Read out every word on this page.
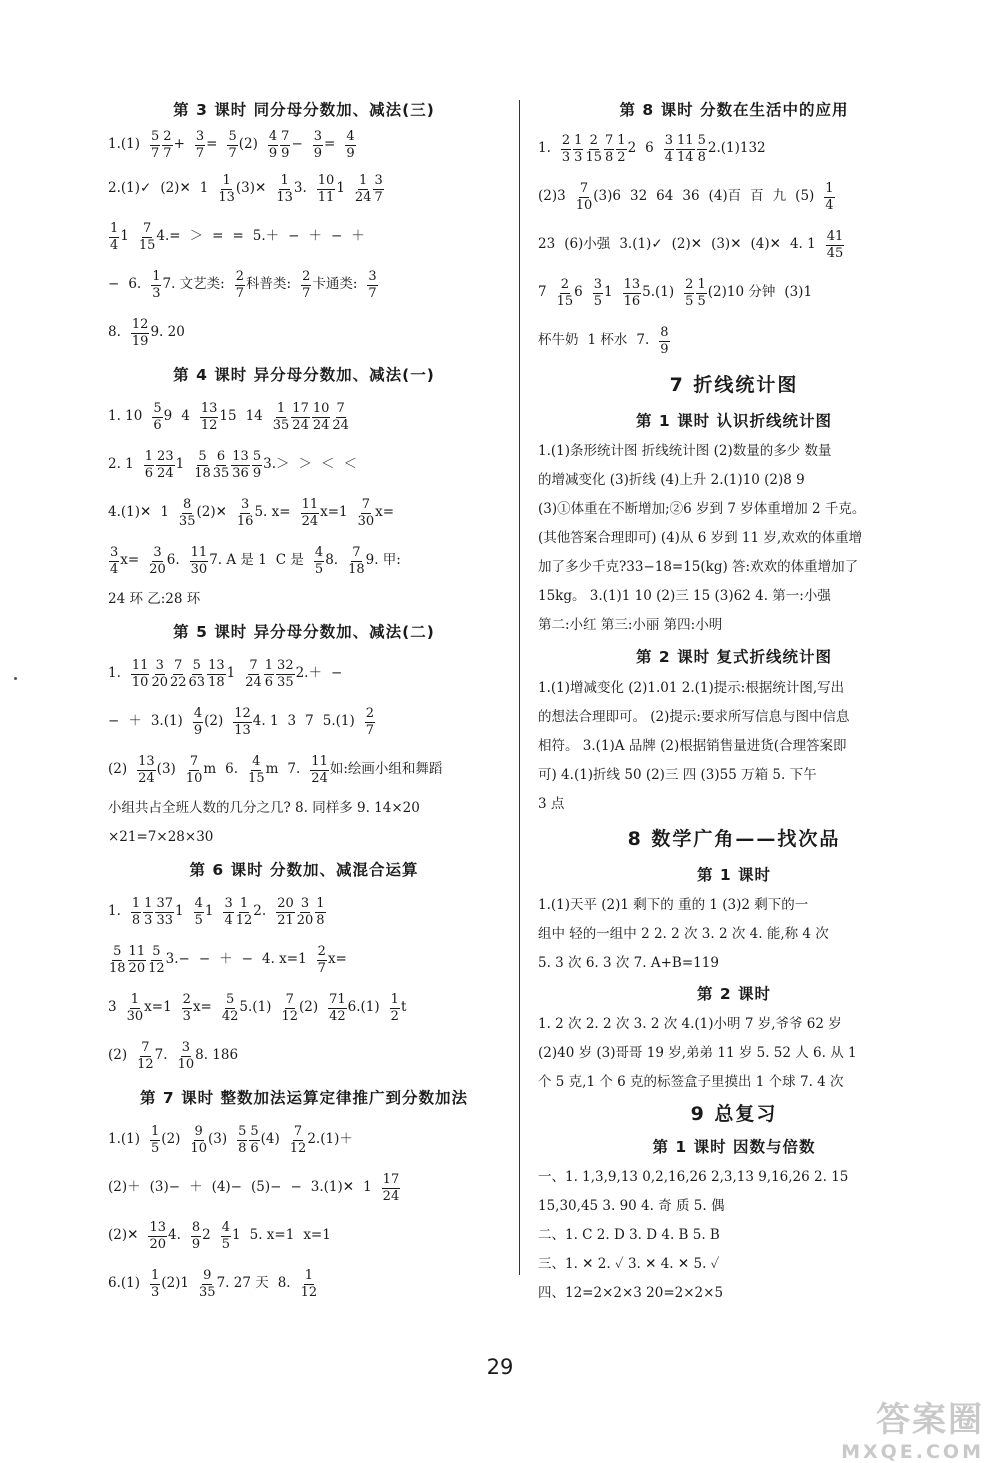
第 3 课时 同分母分数加、减法(三)
$1.(1) \frac{5}{7} \frac{2}{7} + \frac{3}{7} = \frac{5}{7} (2) \frac{4}{9} \frac{7}{9} - \frac{3}{9} = \frac{4}{9}$
2.(1)✓ (2)✕ $1 \frac{1}{13}$ (3)✕ $\frac{1}{13} 3$. $\frac{10}{11} 1 \frac{1}{24} \frac{3}{7}$
$\frac{1}{4} 1 \frac{7}{15} 4.=$ ＞ = = 5.＋ − ＋ − ＋
− 6. $\frac{1}{3} 7$. 文艺类: $\frac{2}{7}$ 科普类: $\frac{2}{7}$ 卡通类: $\frac{3}{7}$
8. $\frac{12}{19} 9$. 20
第 4 课时 异分母分数加、减法(一)
1. $10 \frac{5}{6} 9$ $4 \frac{13}{12} 15$ $14 \frac{1}{35} \frac{17}{24} \frac{10}{24} \frac{7}{24}$
2. $1 \frac{1}{6} \frac{23}{24} 1 \frac{5}{18} \frac{6}{35} \frac{13}{36} \frac{5}{9} 3.>$ ＞ ＜ ＜
4.(1)✕ $1 \frac{8}{35}$ (2)✕ $\frac{3}{16} 5$. $x= \frac{11}{24} x=1 \frac{7}{30} x=$
$\frac{3}{4} x= \frac{3}{20} 6$. $\frac{11}{30} 7$. A 是 1 C 是 $\frac{4}{5} 8$. $\frac{7}{18} 9$. 甲:
24 环 乙:28 环
第 5 课时 异分母分数加、减法(二)
1. $\frac{11}{10} \frac{3}{20} \frac{7}{22} \frac{5}{63} \frac{13}{18} 1 \frac{7}{24} \frac{1}{6} \frac{32}{35} 2.+$ −
− ＋ $3.(1) \frac{4}{9} (2) \frac{12}{13} 4$. 1 3 7 $5.(1) \frac{2}{7}$
$(2) \frac{13}{24} (3) \frac{7}{10}$ m 6. $\frac{4}{15}$ m 7. $\frac{11}{24}$ 如:绘画小组和舞蹈
小组共占全班人数的几分之几? 8. 同样多 9. 14×20
×21=7×28×30
第 6 课时 分数加、减混合运算
1. $\frac{1}{8} \frac{1}{3} \frac{37}{33} 1 \frac{4}{5} 1 \frac{3}{4} \frac{1}{12} 2$. $\frac{20}{21} \frac{3}{20} \frac{1}{8}$
$\frac{5}{18} \frac{11}{20} \frac{5}{12} 3.-$ − ＋ − 4. $x=1 \frac{2}{7} x=$
$3 \frac{1}{30} x=1 \frac{2}{3} x= \frac{5}{42} 5.(1) \frac{7}{12} (2) \frac{71}{42} 6.(1) \frac{1}{2}$ t
$(2) \frac{7}{12} 7$. $\frac{3}{10} 8$. 186
第 7 课时 整数加法运算定律推广到分数加法
$1.(1) \frac{1}{5} (2) \frac{9}{10} (3) \frac{5}{8} \frac{5}{6} (4) \frac{7}{12} 2.(1)+$
(2)＋ (3)− ＋ (4)− (5)− − 3.(1)✕ $1 \frac{17}{24}$
(2)✕ $\frac{13}{20} 4$. $\frac{8}{9} 2 \frac{4}{5} 1$ 5. x=1 x=1
$6.(1) \frac{1}{3} (2)1 \frac{9}{35} 7$. 27 天 8. $\frac{1}{12}$
第 8 课时 分数在生活中的应用
1. $\frac{2}{3} \frac{1}{3} \frac{2}{15} \frac{7}{8} \frac{1}{2} 2$ $6 \frac{3}{4} \frac{11}{14} \frac{5}{8} 2.(1)132$
$(2)3 \frac{7}{10} (3)6$ 32 64 36 (4)百 百 九 $(5) \frac{1}{4}$
23 (6)小强 3.(1)✓ (2)✕ (3)✕ (4)✕ 4. $1 \frac{41}{45}$
$7 \frac{2}{15} 6 \frac{3}{5} 1 \frac{13}{16} 5.(1) \frac{2}{5} \frac{1}{5} (2)10$ 分钟 (3)1
杯牛奶 1 杯水 7. $\frac{8}{9}$
7 折线统计图
第 1 课时 认识折线统计图
1.(1)条形统计图 折线统计图 (2)数量的多少 数量
的增减变化 (3)折线 (4)上升 2.(1)10 (2)8 9
(3)①体重在不断增加;②6 岁到 7 岁体重增加 2 千克。
(其他答案合理即可) (4)从 6 岁到 11 岁,欢欢的体重增
加了多少千克?33−18=15(kg) 答:欢欢的体重增加了
15kg。 3.(1)1 10 (2)三 15 (3)62 4. 第一:小强
第二:小红 第三:小丽 第四:小明
第 2 课时 复式折线统计图
1.(1)增减变化 (2)1.01 2.(1)提示:根据统计图,写出
的想法合理即可。 (2)提示:要求所写信息与图中信息
相符。 3.(1)A 品牌 (2)根据销售量进货(合理答案即
可) 4.(1)折线 50 (2)三 四 (3)55 万箱 5. 下午
3 点
8 数学广角——找次品
第 1 课时
1.(1)天平 (2)1 剩下的 重的 1 (3)2 剩下的一
组中 轻的一组中 2 2. 2 次 3. 2 次 4. 能,称 4 次
5. 3 次 6. 3 次 7. A+B=119
第 2 课时
1. 2 次 2. 2 次 3. 2 次 4.(1)小明 7 岁,爷爷 62 岁
(2)40 岁 (3)哥哥 19 岁,弟弟 11 岁 5. 52 人 6. 从 1
个 5 克,1 个 6 克的标签盒子里摸出 1 个球 7. 4 次
9 总复习
第 1 课时 因数与倍数
一、1. 1,3,9,13 0,2,16,26 2,3,13 9,16,26 2. 15
15,30,45 3. 90 4. 奇 质 5. 偶
二、1. C 2. D 3. D 4. B 5. B
三、1. ✕ 2. ✓ 3. ✕ 4. ✕ 5. ✓
四、12=2×2×3 20=2×2×5
29
答案圈
MXQE.COM
